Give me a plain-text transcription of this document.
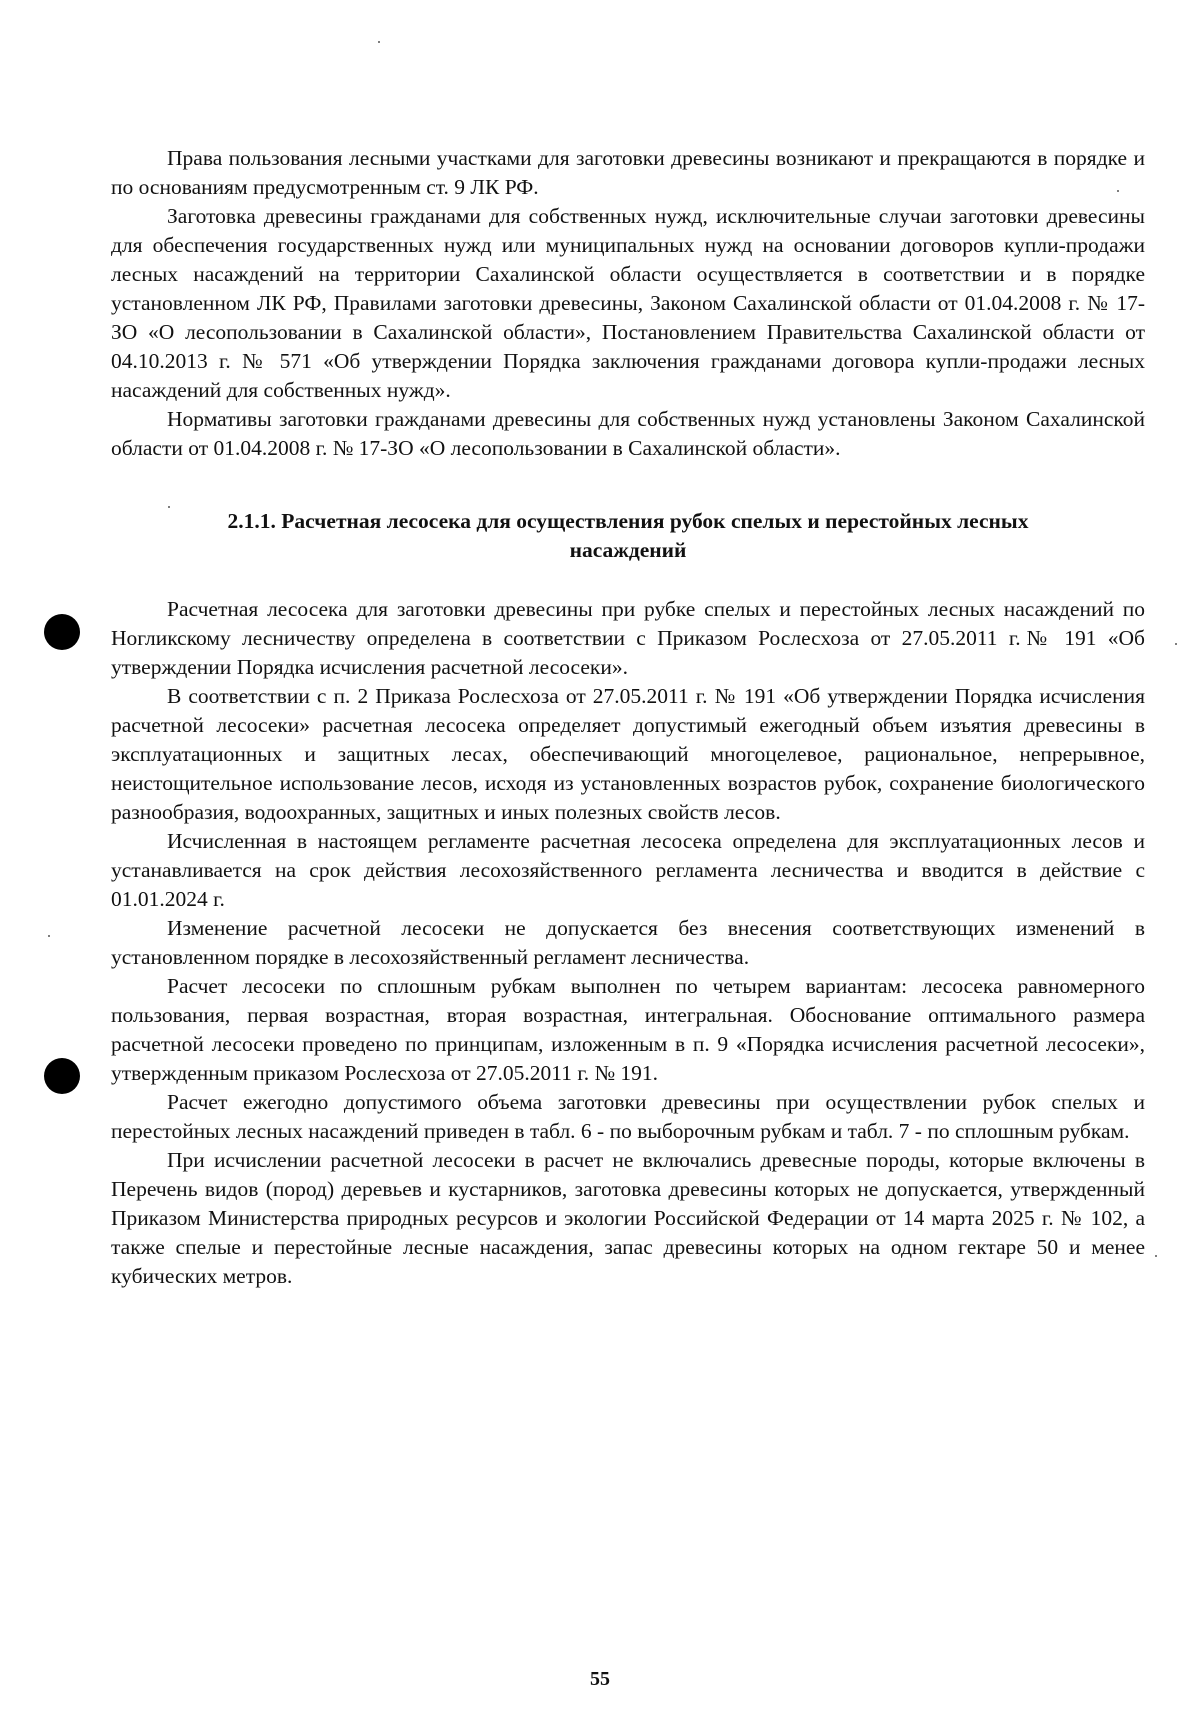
Права пользования лесными участками для заготовки древесины возникают и прекращаются в порядке и по основаниям предусмотренным ст. 9 ЛК РФ.

Заготовка древесины гражданами для собственных нужд, исключительные случаи заготовки древесины для обеспечения государственных нужд или муниципальных нужд на основании договоров купли-продажи лесных насаждений на территории Сахалинской области осуществляется в соответствии и в порядке установленном ЛК РФ, Правилами заготовки древесины, Законом Сахалинской области от 01.04.2008 г. № 17-ЗО «О лесопользовании в Сахалинской области», Постановлением Правительства Сахалинской области от 04.10.2013 г. № 571 «Об утверждении Порядка заключения гражданами договора купли-продажи лесных насаждений для собственных нужд».

Нормативы заготовки гражданами древесины для собственных нужд установлены Законом Сахалинской области от 01.04.2008 г. № 17-ЗО «О лесопользовании в Сахалинской области».

2.1.1. Расчетная лесосека для осуществления рубок спелых и перестойных лесных насаждений

Расчетная лесосека для заготовки древесины при рубке спелых и перестойных лесных насаждений по Ногликскому лесничеству определена в соответствии с Приказом Рослесхоза от 27.05.2011 г.№ 191 «Об утверждении Порядка исчисления расчетной лесосеки».

В соответствии с п. 2 Приказа Рослесхоза от 27.05.2011 г. № 191 «Об утверждении Порядка исчисления расчетной лесосеки» расчетная лесосека определяет допустимый ежегодный объем изъятия древесины в эксплуатационных и защитных лесах, обеспечивающий многоцелевое, рациональное, непрерывное, неистощительное использование лесов, исходя из установленных возрастов рубок, сохранение биологического разнообразия, водоохранных, защитных и иных полезных свойств лесов.

Исчисленная в настоящем регламенте расчетная лесосека определена для эксплуатационных лесов и устанавливается на срок действия лесохозяйственного регламента лесничества и вводится в действие с 01.01.2024 г.

Изменение расчетной лесосеки не допускается без внесения соответствующих изменений в установленном порядке в лесохозяйственный регламент лесничества.

Расчет лесосеки по сплошным рубкам выполнен по четырем вариантам: лесосека равномерного пользования, первая возрастная, вторая возрастная, интегральная. Обоснование оптимального размера расчетной лесосеки проведено по принципам, изложенным в п. 9 «Порядка исчисления расчетной лесосеки», утвержденным приказом Рослесхоза от 27.05.2011 г. № 191.

Расчет ежегодно допустимого объема заготовки древесины при осуществлении рубок спелых и перестойных лесных насаждений приведен в табл. 6 - по выборочным рубкам и табл. 7 - по сплошным рубкам.

При исчислении расчетной лесосеки в расчет не включались древесные породы, которые включены в Перечень видов (пород) деревьев и кустарников, заготовка древесины которых не допускается, утвержденный Приказом Министерства природных ресурсов и экологии Российской Федерации от 14 марта 2025 г. № 102, а также спелые и перестойные лесные насаждения, запас древесины которых на одном гектаре 50 и менее кубических метров.

55
